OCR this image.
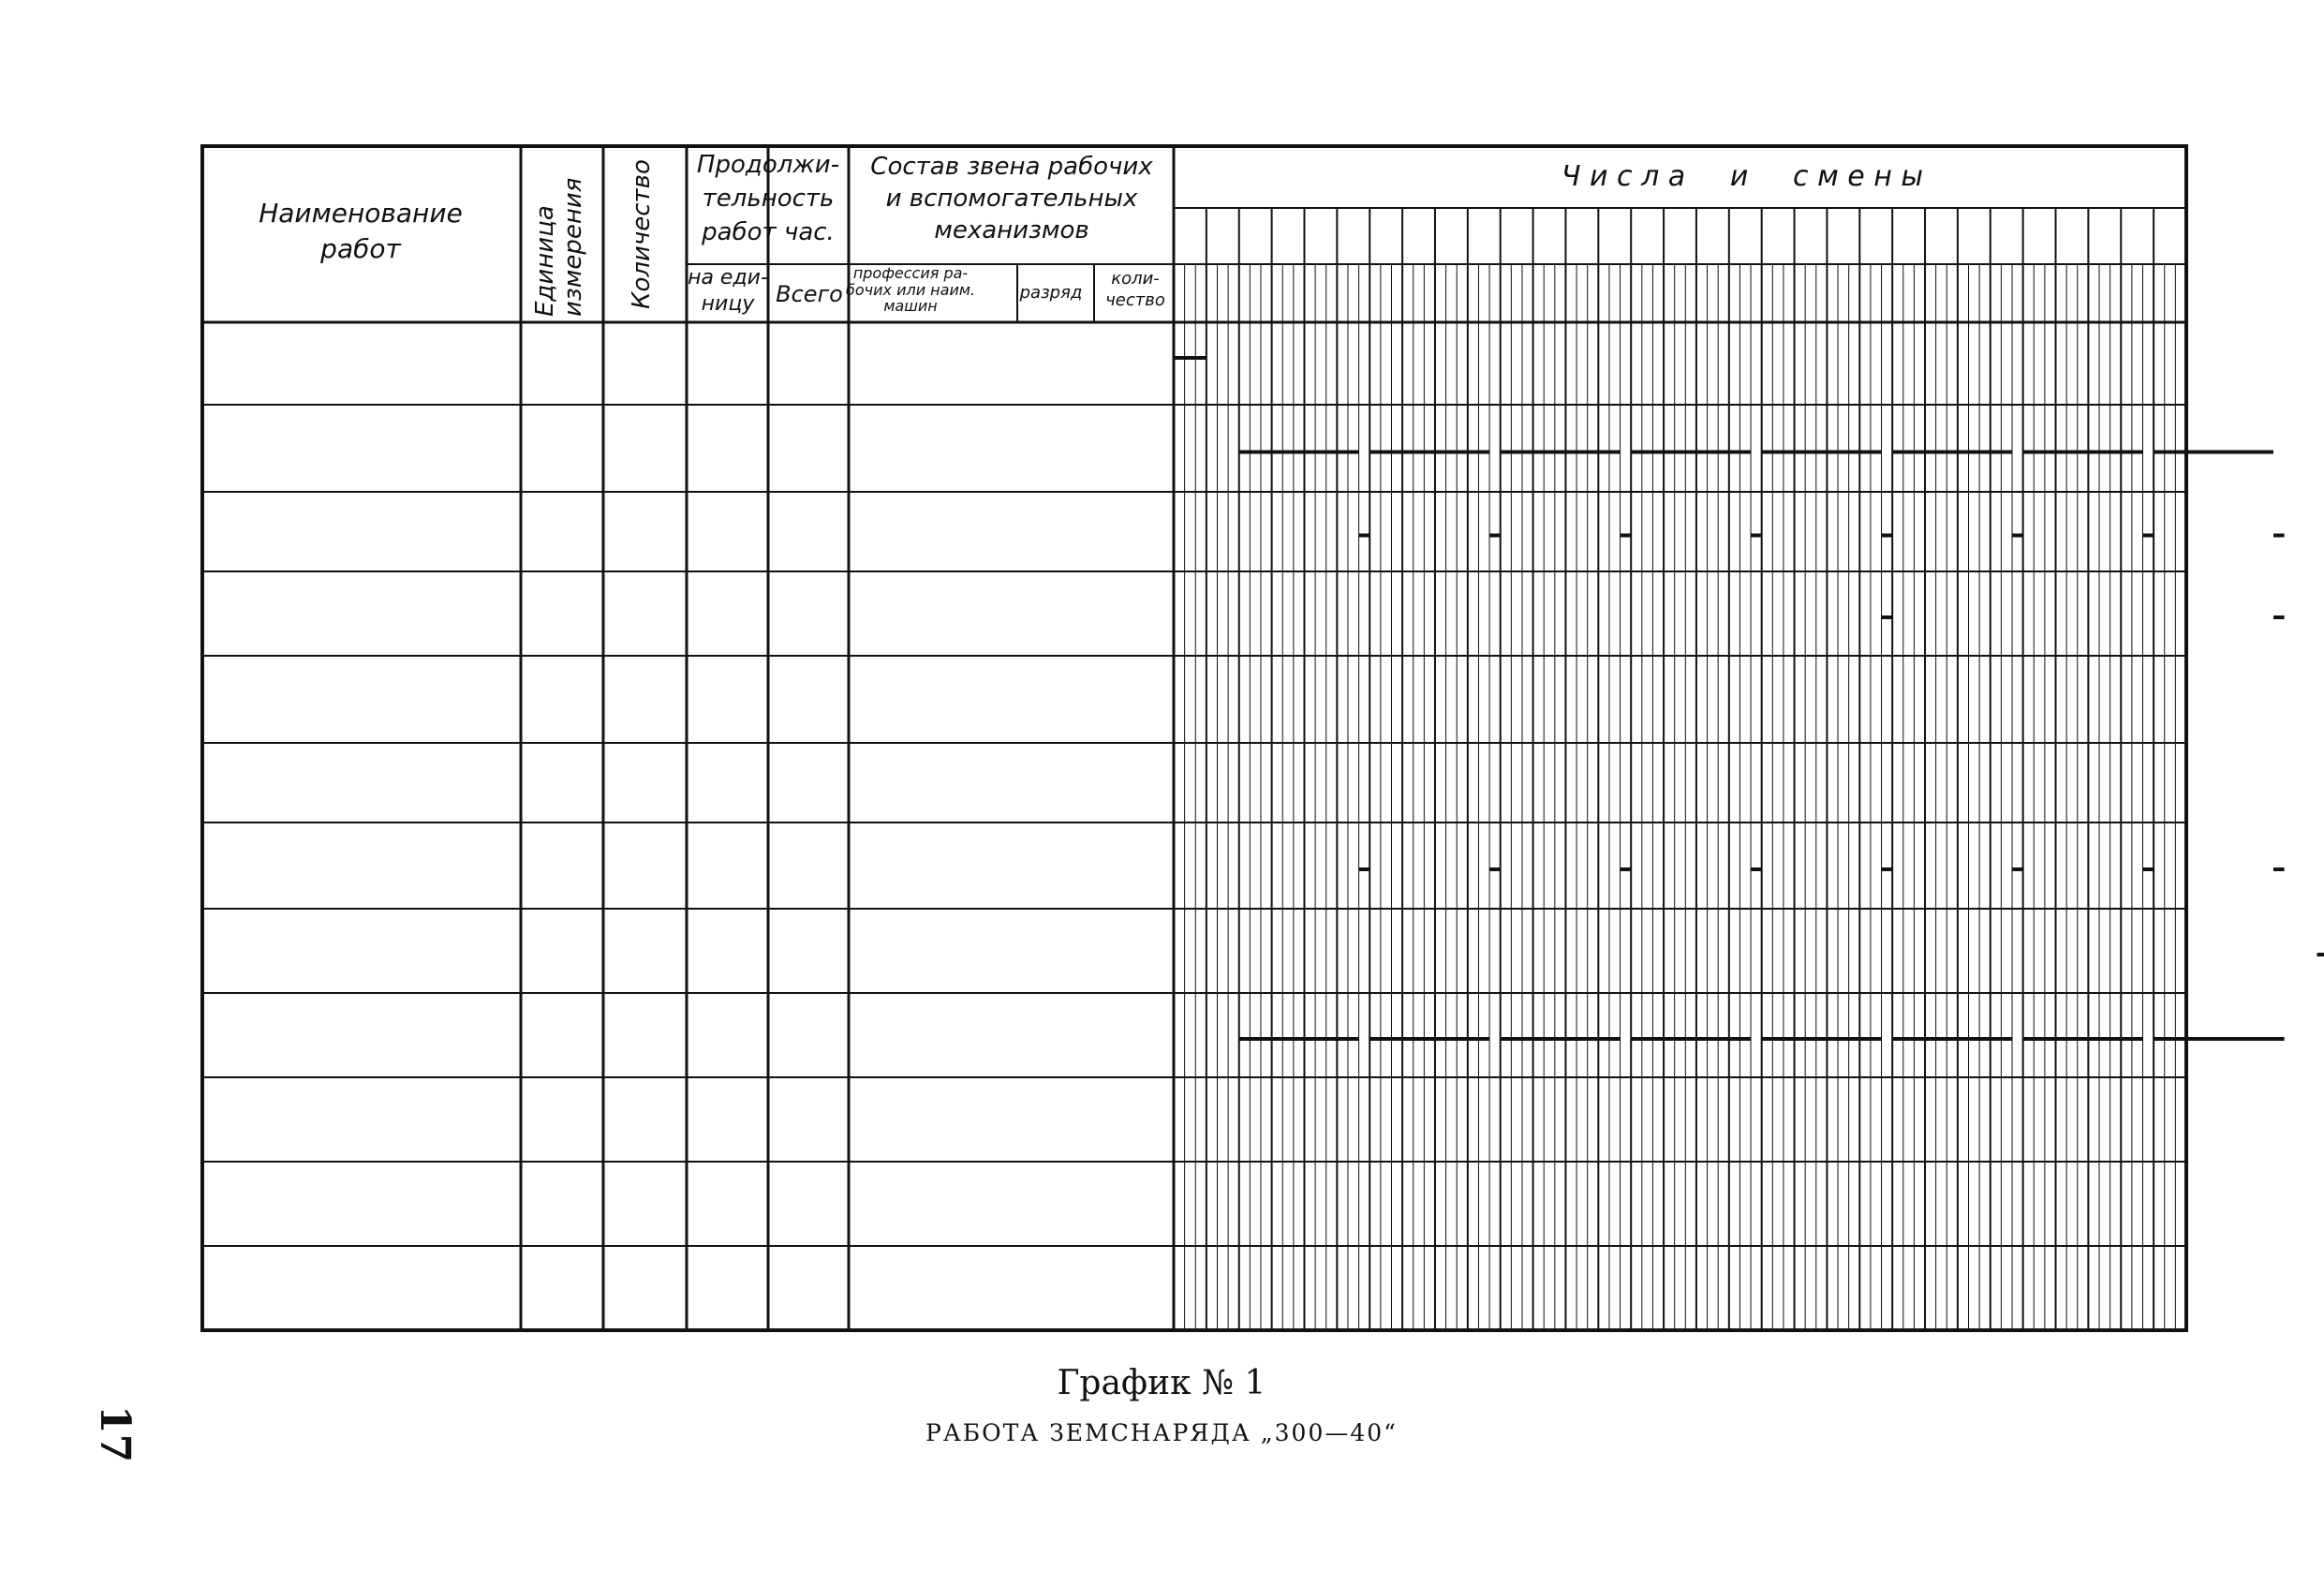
Наименование
работ	Единица измерения Количество Продолжи-
тельность
работ час.
на еди-
ницу Всего
Состав звена рабочих
и вспомогательных
механизмов
профессия ра-
бочих или наим.
машин
разряд
коли-
чество
Ч и с л а     и     с м е н ы
График № 1
РАБОТА ЗЕМСНАРЯДА „300—40“
17
